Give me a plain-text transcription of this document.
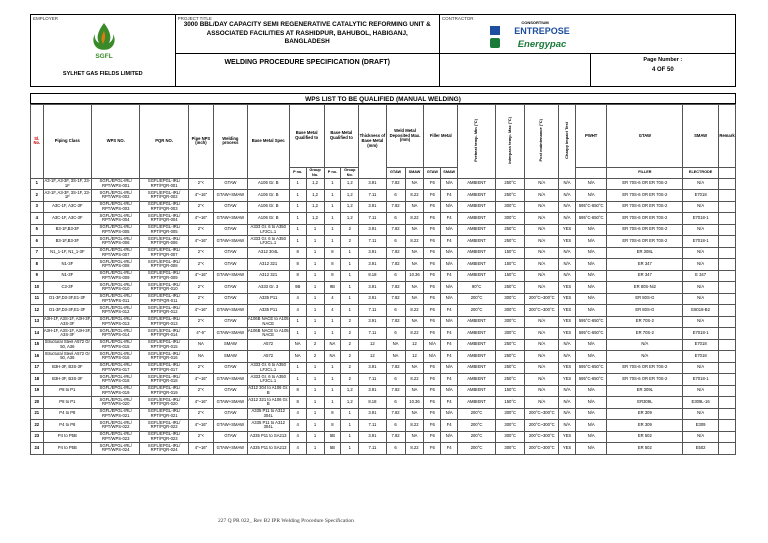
EMPLOYER
SGFL
SYLHET GAS FIELDS LIMITED
PROJECT TITLE
3000 BBL/DAY CAPACITY SEMI REGENERATIVE CATALYTIC REFORMING UNIT & ASSOCIATED FACILITIES AT RASHIDPUR, BAHUBOL, HABIGANJ, BANGLADESH
WELDING PROCEDURE SPECIFICATION (DRAFT)
CONTRACTOR
CONSORTIUM
ENTREPOSE
Energypac
Page Number :
4 OF 50
WPS LIST TO BE QUALIFIED (MANUAL WELDING)
Sl. No.	Piping Class	WPS NO.	PQR NO.	Pipe NPS (inch)	Welding process	Base Metal Spec	Base Metal Qualified to		Base Metal Qualified to		Thickness of Base Metal (mm)	Weld Metal Deposited Max. (mm)		Filler Metal		Preheat temp. Min (°C)	Interpass temp. Max (°C)	Post maintenance (°C)	Charpy Impact Test	PWHT	GTAW	SMAW	Remark
							P no.	Group No.	P no.	Group No.		GTAW	SMAW	GTAW	SMAW						FILLER	ELECTRODE	
1	A3-1F, A3-3F, 3S-1F, 23-1F	SGFL/EPGL-IRL/ RPT/WPS-001	SGFL/EPGL-IRL/ RPT/PQR-001	2"<	GTAW	A106 Gr. B	1	1,2	1	1,2	3.91	7.82	NA	F6	N/A	AMBIENT	250°C	N/A	N/A	N/A	ER 70S-6 OR ER 70S-2	N/A	
2	A3-1F, A3-3F, 3S-1F, 23-1F	SGFL/EPGL-IRL/ RPT/WPS-002	SGFL/EPGL-IRL/ RPT/PQR-002	4"~16"	GTAW+SMAW	A106 Gr. B	1	1,2	1	1,2	7.11	6	8.22	F6	F4	AMBIENT	250°C	N/A	N/A	N/A	ER 70S-6 OR ER 70S-2	E7018	
3	A3C-1F, A3C-3F	SGFL/EPGL-IRL/ RPT/WPS-003	SGFL/EPGL-IRL/ RPT/PQR-003	2"<	GTAW	A106 Gr. B	1	1,2	1	1,2	3.91	7.82	NA	F6	N/A	AMBIENT	300°C	N/A	N/A	595°C-650°C	ER 70S-6 OR ER 70S-2	N/A	
4	A3C-1F, A3C-3F	SGFL/EPGL-IRL/ RPT/WPS-004	SGFL/EPGL-IRL/ RPT/PQR-004	4"~16"	GTAW+SMAW	A106 Gr. B	1	1,2	1	1,2	7.11	6	8.22	F6	F4	AMBIENT	300°C	N/A	N/A	595°C-650°C	ER 70S-6 OR ER 70S-2	E7018-1	
5	B3-1F,B3-3F	SGFL/EPGL-IRL/ RPT/WPS-005	SGFL/EPGL-IRL/ RPT/PQR-005	2"<	GTAW	A333 Gr. 6 to A350 LF2CL.1	1	1	1	2	3.91	7.82	NA	F6	N/A	AMBIENT	250°C	N/A	YES	N/A	ER 70S-6 OR ER 70S-2	N/A	
6	B3-1F,B3-3F	SGFL/EPGL-IRL/ RPT/WPS-006	SGFL/EPGL-IRL/ RPT/PQR-006	4"~16"	GTAW+SMAW	A333 Gr. 6 to A350 LF2CL.1	1	1	1	2	7.11	6	8.22	F6	F4	AMBIENT	250°C	N/A	YES	N/A	ER 70S-6 OR ER 70S-2	E7018-1	
7	N1_1-1F, N1_1-3F	SGFL/EPGL-IRL/ RPT/WPS-007	SGFL/EPGL-IRL/ RPT/PQR-007	2"<	GTAW	A312 304L	8	1	8	1	3.91	7.82	NA	F6	N/A	AMBIENT	150°C	N/A	N/A	N/A	ER 308L	N/A	
8	N1-3F	SGFL/EPGL-IRL/ RPT/WPS-008	SGFL/EPGL-IRL/ RPT/PQR-008	2"<	GTAW	A312 321	8	1	8	1	3.91	7.82	NA	F6	N/A	AMBIENT	150°C	N/A	N/A	N/A	ER 347	N/A	
9	N1-3F	SGFL/EPGL-IRL/ RPT/WPS-009	SGFL/EPGL-IRL/ RPT/PQR-009	4"~16"	GTAW+SMAW	A312 321	8	1	8	1	8.18	6	10.36	F6	F4	AMBIENT	150°C	N/A	N/A	N/A	ER 347	E 347	
10	C3-3F	SGFL/EPGL-IRL/ RPT/WPS-010	SGFL/EPGL-IRL/ RPT/PQR-010	2"<	GTAW	A333 Gr. 3	9B	1	9B	1	3.91	7.82	NA	F6	N/A	90°C	250°C	N/A	YES	N/A	ER 80S-Ni2	N/A	
11	D1-3F,D3-3F,E1-3F	SGFL/EPGL-IRL/ RPT/WPS-011	SGFL/EPGL-IRL/ RPT/PQR-011	2"<	GTAW	A335 P11	4	1	4	1	3.91	7.82	NA	F6	N/A	200°C	300°C	200°C~300°C	YES	N/A	ER 80S-G	N/A	
12	D1-3F,D3-3F,E1-3F	SGFL/EPGL-IRL/ RPT/WPS-012	SGFL/EPGL-IRL/ RPT/PQR-012	4"~16"	GTAW+SMAW	A335 P11	4	1	4	1	7.11	6	8.22	F6	F4	200°C	300°C	200°C~300°C	YES	N/A	ER 80S-G	E8018-B2	
13	A3H-1F, A3S-1F, A3H-3F, A3S-3F	SGFL/EPGL-IRL/ RPT/WPS-013	SGFL/EPGL-IRL/ RPT/PQR-013	2"<	GTAW	A106B NACE to A105 NACE	1	1	1	2	3.91	7.82	NA	F6	N/A	AMBIENT	300°C	N/A	YES	595°C-650°C	ER 70S-2	N/A	
14	A3H-1F, A3S-1F, A3H-3F, A3S-3F	SGFL/EPGL-IRL/ RPT/WPS-014	SGFL/EPGL-IRL/ RPT/PQR-014	4"-6"	GTAW+SMAW	A106B NACE to A105 NACE	1	1	1	2	7.11	6	8.22	F6	F4	AMBIENT	300°C	N/A	YES	595°C-650°C	ER 70S-2	E7018-1	
15	Structural Steel A572 Gr 50, A36	SGFL/EPGL-IRL/ RPT/WPS-015	SGFL/EPGL-IRL/ RPT/PQR-015	NA	SMAW	A572	NA	2	NA	2	12	NA	12	N/A	F4	AMBIENT	250°C	N/A	N/A	N/A	N/A	E7018	
16	Structural Steel A572 Gr 50, A36	SGFL/EPGL-IRL/ RPT/WPS-016	SGFL/EPGL-IRL/ RPT/PQR-016	NA	SMAW	A572	NA	2	NA	2	12	NA	12	N/A	F4	AMBIENT	250°C	N/A	N/A	N/A	N/A	E7018	
17	B3H-3F, B3S-3F	SGFL/EPGL-IRL/ RPT/WPS-017	SGFL/EPGL-IRL/ RPT/PQR-017	2"<	GTAW	A333 Gr. 6 to A350 LF2CL.1	1	1	1	2	3.91	7.82	NA	F6	N/A	AMBIENT	250°C	N/A	YES	595°C-650°C	ER 70S-6 OR ER 70S-2	N/A	
18	B3H-3F, B3S-3F	SGFL/EPGL-IRL/ RPT/WPS-018	SGFL/EPGL-IRL/ RPT/PQR-018	4"~16"	GTAW+SMAW	A333 Gr. 6 to A350 LF2CL.1	1	1	1	2	7.11	6	8.22	F6	F4	AMBIENT	250°C	N/A	YES	595°C-650°C	ER 70S-6 OR ER 70S-2	E7018-1	
19	P8 to P1	SGFL/EPGL-IRL/ RPT/WPS-019	SGFL/EPGL-IRL/ RPT/PQR-019	2"<	GTAW	A312 304 to A106 Gr. B	8	1	1	1,2	3.91	7.82	NA	F6	N/A	AMBIENT	150°C	N/A	N/A	N/A	ER 309L	N/A	
20	P8 to P1	SGFL/EPGL-IRL/ RPT/WPS-020	SGFL/EPGL-IRL/ RPT/PQR-020	4"~16"	GTAW+SMAW	A312 321 to A106 Gr. B	8	1	1	1,2	8.18	6	10.36	F6	F4	AMBIENT	150°C	N/A	N/A	N/A	ER309L	E309L-16	
21	P4 to P8	SGFL/EPGL-IRL/ RPT/WPS-021	SGFL/EPGL-IRL/ RPT/PQR-021	2"<	GTAW	A335 P11 to A312 304L	4	1	8	1	3.91	7.82	NA	F6	N/A	200°C	300°C	200°C~300°C	N/A	N/A	ER 309	N/A	
22	P4 to P8	SGFL/EPGL-IRL/ RPT/WPS-022	SGFL/EPGL-IRL/ RPT/PQR-022	4"~16"	GTAW+SMAW	A335 P11 to A312 304L	4	1	8	1	7.11	6	8.22	F6	F4	200°C	300°C	200°C~300°C	N/A	N/A	ER 309	E309	
23	P4 to P5B	SGFL/EPGL-IRL/ RPT/WPS-023	SGFL/EPGL-IRL/ RPT/PQR-023	2"<	GTAW	A335 P11 to SA213	4	1	5B	1	3.91	7.82	NA	F6	N/A	200°C	300°C	200°C~300°C	YES	N/A	ER 502	N/A	
24	P4 to P5B	SGFL/EPGL-IRL/ RPT/WPS-024	SGFL/EPGL-IRL/ RPT/PQR-024	4"~16"	GTAW+SMAW	A335 P11 to SA213	4	1	5B	1	7.11	6	8.22	F6	F4	200°C	300°C	200°C~300°C	YES	N/A	ER 502	E502	
227 Q PR 022_ Rev B2 IPR Welding Procedure Specification
